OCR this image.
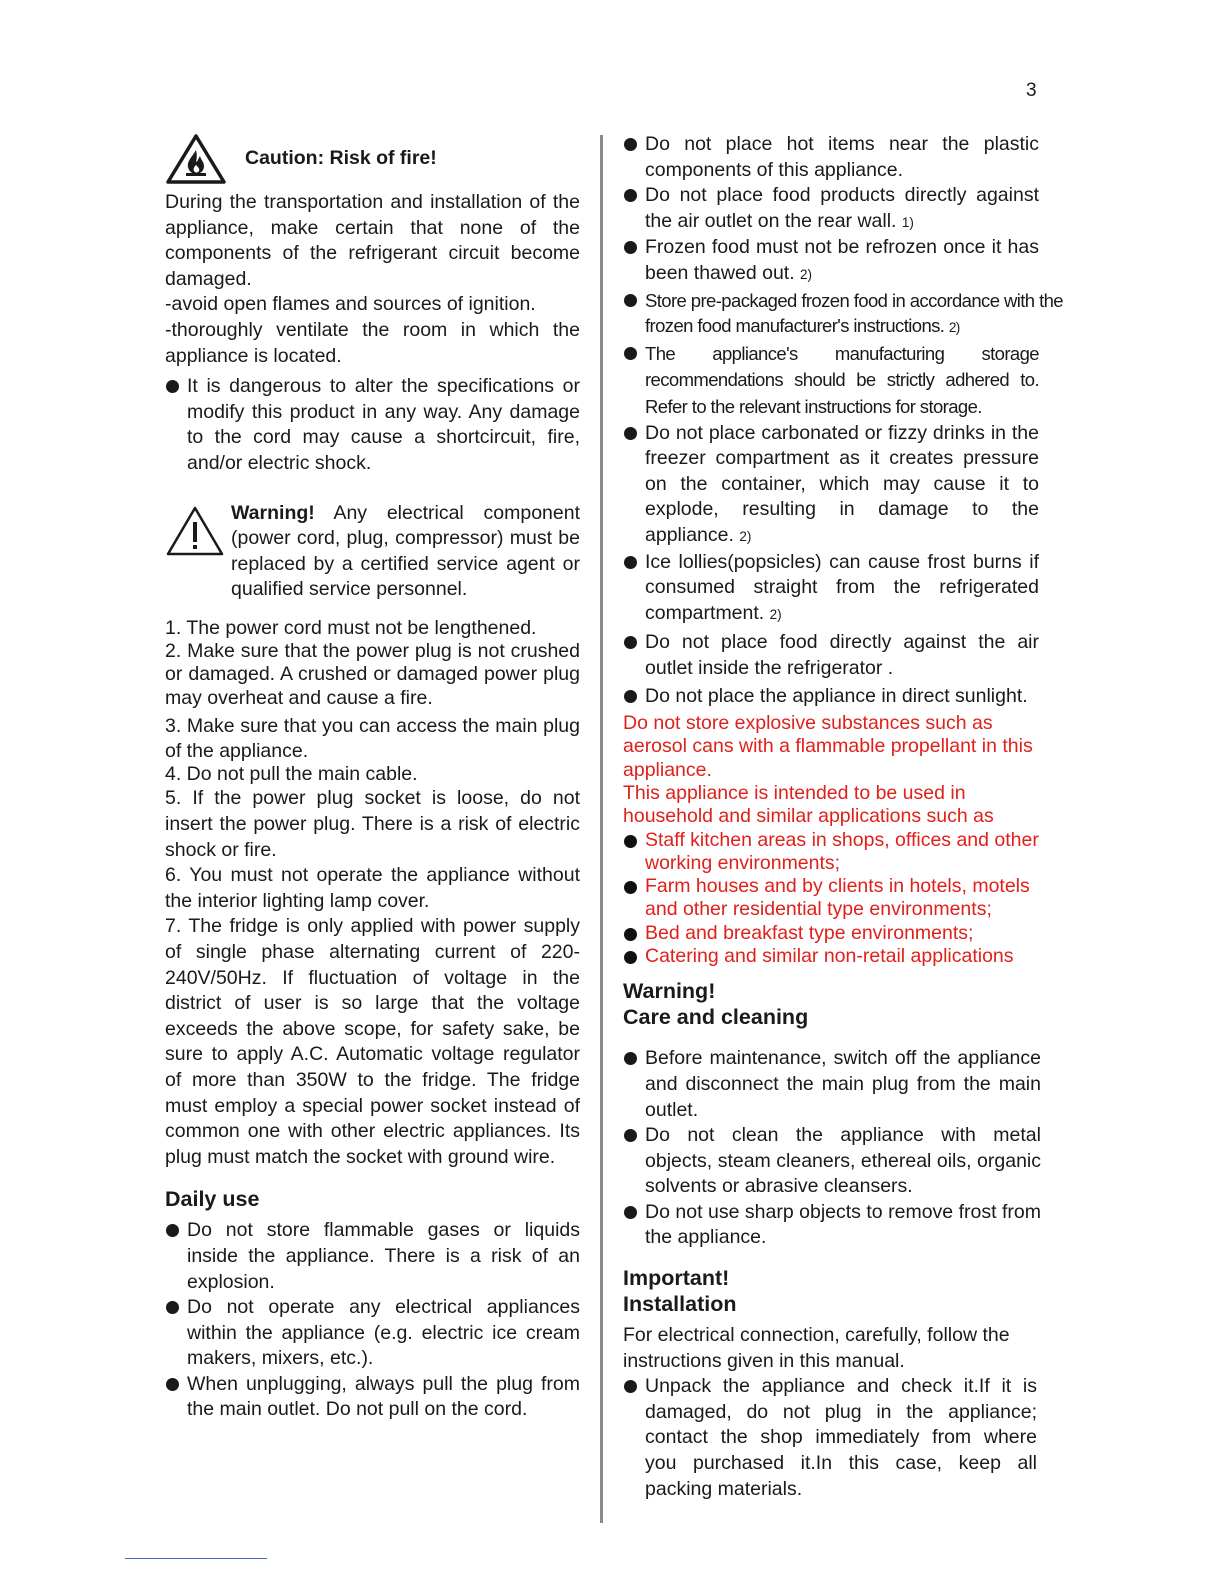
3
Caution: Risk of fire!

During the transportation and installation of the appliance, make certain that none of the components of the refrigerant circuit become damaged.

-avoid open flames and sources of ignition.

-thoroughly ventilate the room in which the appliance is located.

It is dangerous to alter the specifications or modify this product in any way. Any damage to the cord may cause a shortcircuit, fire, and/or electric shock.

Warning! Any electrical component (power cord, plug, compressor) must be replaced by a certified service agent or qualified service personnel.

1. The power cord must not be lengthened.

2. Make sure that the power plug is not crushed or damaged. A crushed or damaged power plug may overheat and cause a fire.

3. Make sure that you can access the main plug of the appliance.

4. Do not pull the main cable.

5. If the power plug socket is loose, do not insert the power plug. There is a risk of electric shock or fire.

6. You must not operate the appliance without the interior lighting lamp cover.

7. The fridge is only applied with power supply of single phase alternating current of 220-240V/50Hz. If fluctuation of voltage in the district of user is so large that the voltage exceeds the above scope, for safety sake, be sure to apply A.C. Automatic voltage regulator of more than 350W to the fridge. The fridge must employ a special power socket instead of common one with other electric appliances. Its plug must match the socket with ground wire.

Daily use
Do not store flammable gases or liquids inside the appliance. There is a risk of an explosion.
Do not operate any electrical appliances within the appliance (e.g. electric ice cream makers, mixers, etc.).
When unplugging, always pull the plug from the main outlet. Do not pull on the cord.
Do not place hot items near the plastic components of this appliance.
Do not place food products directly against the air outlet on the rear wall. 1)
Frozen food must not be refrozen once it has been thawed out. 2)
Store pre-packaged frozen food in accordance with the frozen food manufacturer's instructions. 2)
The appliance's manufacturing storage recommendations should be strictly adhered to. Refer to the relevant instructions for storage.
Do not place carbonated or fizzy drinks in the freezer compartment as it creates pressure on the container, which may cause it to explode, resulting in damage to the appliance. 2)
Ice lollies(popsicles) can cause frost burns if consumed straight from the refrigerated compartment. 2)
Do not place food directly against the air outlet inside the refrigerator .
Do not place the appliance in direct sunlight.

Do not store explosive substances such as aerosol cans with a flammable propellant in this appliance.

This appliance is intended to be used in household and similar applications such as

Staff kitchen areas in shops, offices and other working environments;
Farm houses and by clients in hotels, motels and other residential type environments;
Bed and breakfast type environments;
Catering and similar non-retail applications
Warning!
Care and cleaning
Before maintenance, switch off the appliance and disconnect the main plug from the main outlet.
Do not clean the appliance with metal objects, steam cleaners, ethereal oils, organic solvents or abrasive cleansers.
Do not use sharp objects to remove frost from the appliance.
Important!
Installation

For electrical connection, carefully, follow the instructions given in this manual.

Unpack the appliance and check it.If it is damaged, do not plug in the appliance; contact the shop immediately from where you purchased it.In this case, keep all packing materials.
